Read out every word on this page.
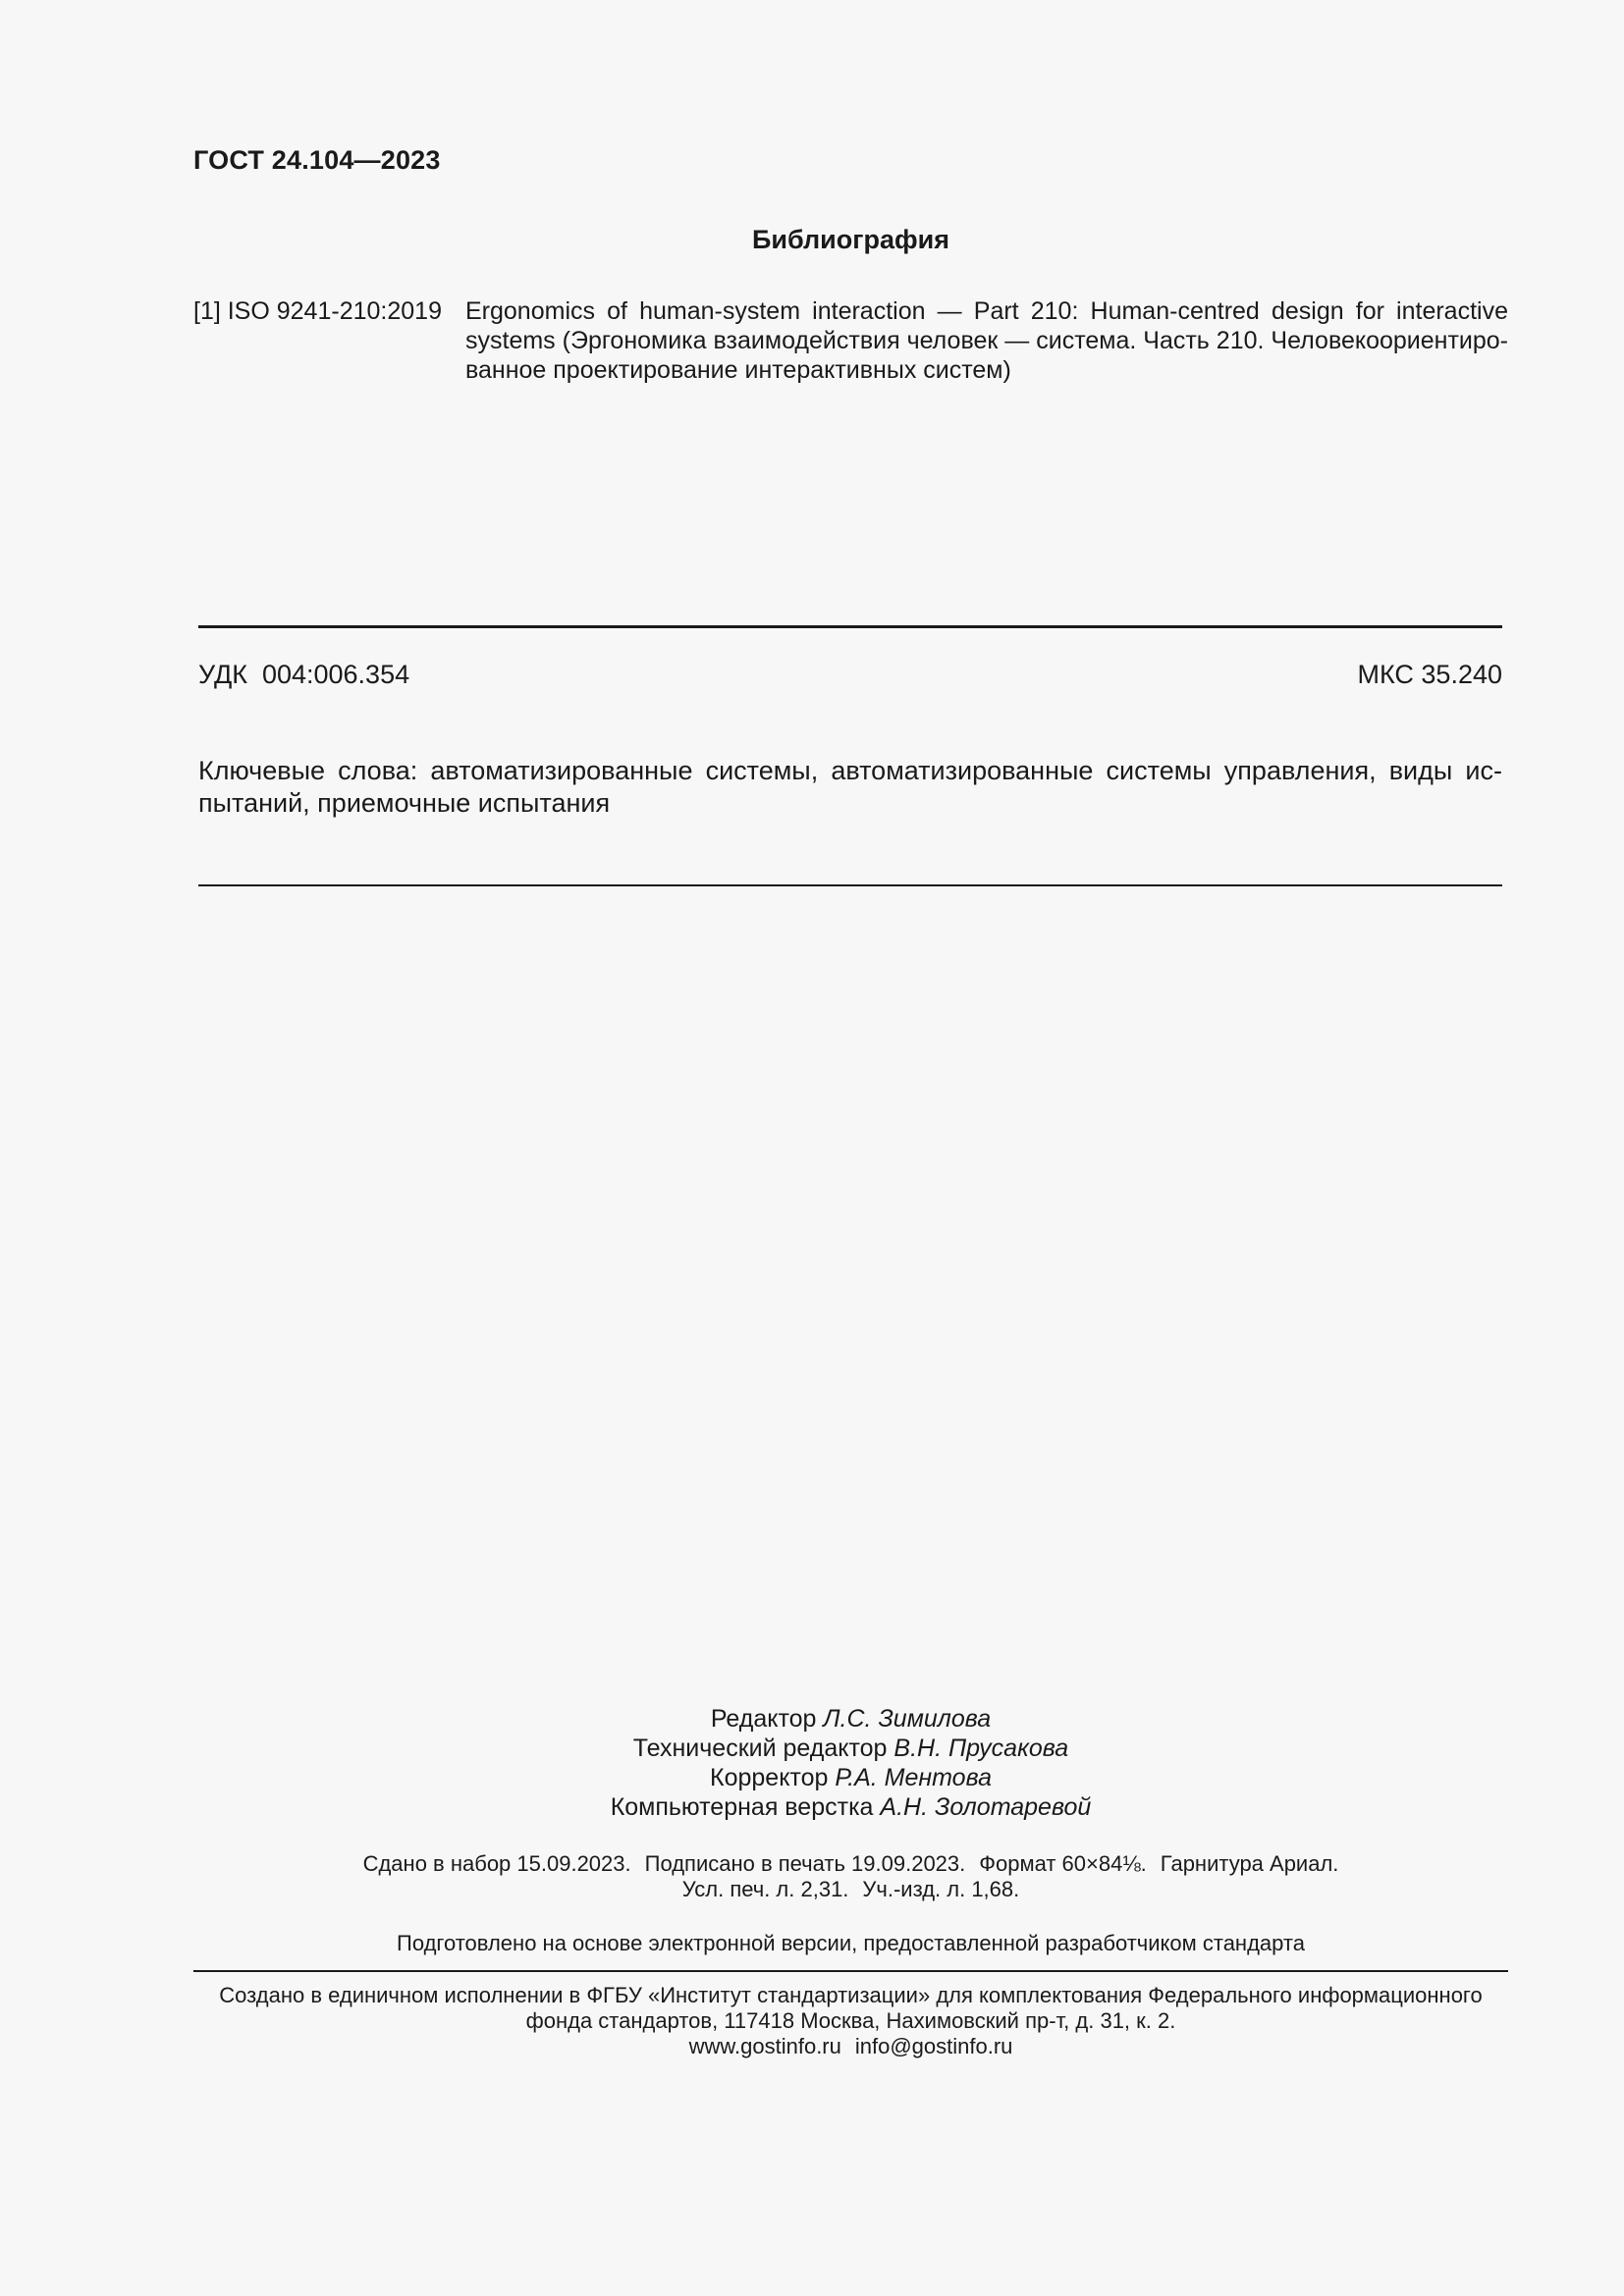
ГОСТ 24.104—2023
Библиография
[1] ISO 9241-210:2019 Ergonomics of human-system interaction — Part 210: Human-centred design for interactive systems (Эргономика взаимодействия человек — система. Часть 210. Человекоориентиро-ванное проектирование интерактивных систем)
УДК  004:006.354	МКС 35.240
Ключевые слова: автоматизированные системы, автоматизированные системы управления, виды ис-пытаний, приемочные испытания
Редактор Л.С. Зимилова
Технический редактор В.Н. Прусакова
Корректор Р.А. Ментова
Компьютерная верстка А.Н. Золотаревой
Сдано в набор 15.09.2023. Подписано в печать 19.09.2023. Формат 60×84⅛. Гарнитура Ариал.
Усл. печ. л. 2,31. Уч.-изд. л. 1,68.
Подготовлено на основе электронной версии, предоставленной разработчиком стандарта
Создано в единичном исполнении в ФГБУ «Институт стандартизации» для комплектования Федерального информационного
фонда стандартов, 117418 Москва, Нахимовский пр-т, д. 31, к. 2.
www.gostinfo.ru info@gostinfo.ru
